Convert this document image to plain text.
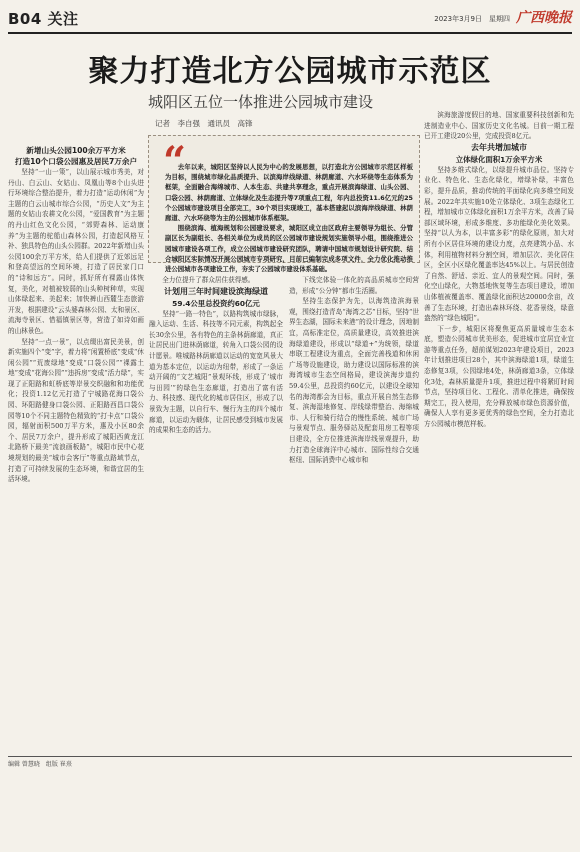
B04 关注	2023年3月9日　星期四 广西晚报
聚力打造北方公园城市示范区
城阳区五位一体推进公园城市建设
记者　李自强　通讯员　高锋
“

去年以来，城阳区坚持以人民为中心的发展思想，以打造北方公园城市示范区样板为目标，围绕城市绿化品质提升、以滨海岸线绿道、林荫廊道、六水环绕等生态体系为框架，全面融合海绵城市、人本生态、共建共享理念，重点开展滨海绿道、山头公园、口袋公园、林荫廊道、立体绿化及生态提升等7项重点工程，年内总投资11.6亿元的25个公园城市建设项目全部完工，30个项目实现竣工，基本搭建起以滨海岸线绿道、林荫廊道、六水环绕等为主的公园城市体系框架。

围绕滨海、植海规划和公园建设要求，城阳区成立由区政府主要领导为组长、分管副区长为副组长、各相关单位为成员的区公园城市建设规划实施领导小组，围绕推进公园城市建设各项工作，成立公园城市建设研究团队，聘请中国城市规划设计研究院、结合城阳区实际情况开展公园城市专项研究，目前已编制完成多项文件，全力优化推动推进公园城市各项建设工作，夯实了公园城市建设体系基础。

新增山头公园100余万平方米
打造10个口袋公园惠及居民7万余户

坚持“一山一策”，以山展示城市秀美，对丹山、白云山、女姑山、凤凰山等8个山头进行环境综合整治提升，着力打造“运动休闲”为主题的白云山城市综合公园，“历史人文”为主题的女姑山农耕文化公园，“爱国教育”为主题的丹山红色文化公园，“郊野森林、运动康养”为主题的驼船山森林公园，打造起风格互补、独具特色的山头公园群。2022年新增山头公园100余万平方米，给人们提供了近郊远足和登高望远的空间环境，打造了居民家门口的“诗和远方”。同时，抓好所有裸露山体恢复，美化，对植被较弱的山头种树种草，实现山体绿起来、美起来；加快裤山西麓生态旅游开发，根据建设“云头婆森林公园、太和景区、流海寺景区、惜福镇景区等，营造了如诗如画的山林景色。

坚持“一点一景”，以点缀出富民美景，创新实施四个“变”字，着力将“闲置桥底”变成“休闲公园”“荒废绿地”变成“口袋公园”“裸露土地”变成“花海公园”“违拆房”变成“活力绿”，实现了正阳路和虹桥底等岸景交织融和和功能优化；投资1.12亿元打造了宁城路花海口袋公园、环阳路健身口袋公园、正阳路西昌口袋公园等10个不同主题特色精致的“打卡点”口袋公园，辐射面积500万平方米，惠及小区80余个、居民7万余户，提升形成了城阳西黄龙江北路桥下最美“流浪画板路”，城阳市民中心花境规划的最美“城市会客厅”等重点路域节点，打造了可持续发展的生态环境，和谐宜居的生活环境。

全力位提升了群众居住获得感。

计划用三年时间建设滨海绿道

59.4公里总投资约60亿元

坚持“一路一特色”，以路构筑城市绿脉，融入运动、生活、科技等不同元素，构筑起全长30余公里，各有特色的主条林荫廊道，真正让居民出门进林荫廊道，转角入口袋公园的设计愿景。唯城路林荫廊道以运动的宽宽风景大道为基本定位，以运动为纽带，形成了一条运动开阔的“文艺城阳”景观环线，形成了‘城市与田园’”的绿色生态廊道，打造出了富有活力、科技感、现代化的城市居住区，形成了以景致为主题，以自行车、慢行为主的四个城市廊道，以运动为载体，让居民感受到城市发展的成果和生态的活力。

下线完体验一体化的高品质城市空间营造，形成“公分钟”都市生活圈。

坚持生态保护为先，以海筑造滨海景观，围绕打造青岛“海湾之芯”目标，坚持“世界生态湖，国际未来港”的设计理念，因地制宜，高标准定位，高质量建设，高效推进滨海绿道建设，形成以“绿道+”为统领，绿道串联工程建设为重点，全面完善栈道和休闲广场等设施建设，助力建设以国际标准的滨海湾城市生态空间格局，建设滨海步道约59.4公里，总投资约60亿元，以建设全球知名的海湾都会为目标，重点开展自然生态修复、滨海湿地修复、岸线绿带整治、海绵城市、人行和骑行结合的慢性系统、城市广场与景观节点、服务驿站及配套用房工程等项目建设，全方位推进滨海岸线景观提升，助力打造全球海洋中心城市、国际性综合交通枢纽、国际消费中心城市和

滨海旅游度假目的地、国家重要科技创新和先进制造业中心、国家历史文化名城。目前一期工程已开工建设20公里，完成投资8亿元。

去年共增加城市

立体绿化面积1万余平方米

坚持多维式绿化，以绿提升城市品位。坚持专业化、特色化、生态化绿化，增绿补绿，丰富色彩，提升品质，推动传统的平面绿化向多维空间发展。2022年共实施10处立体绿化、3项生态绿化工程，增加城市立体绿化面积1万余平方米，改善了局部区域环境，形成多维度、多功能绿化美化效果。坚持“以人为本，以丰富多彩”的绿化原则，加大对所有小区居住环境的建设力度，点亮建筑小品、水体，利用植物材料分割空间，增加层次、美化居住区，全区小区绿化覆盖率达45%以上。与居民创造了自然、舒适、亲近、宜人的景观空间。同时，强化空山绿化，大物基地恢复等生态项目建设，增加山体植被覆盖率、覆盖绿化面积达20000余亩，改善了生态环境，打造出森林环绕、花香景绕，绿意盎然的“绿色城阳”。

下一步，城阳区将聚焦更高质量城市生态本底，塑造公园城市优美形态，促进城市宜居宜业宜游等重点任务，超前谋划2023年建设项目，2023年计划推进项目28个，其中滨海绿道1项，绿道生态修复3项，公园绿地4处，林荫廊道3条，立体绿化3处，森林质量提升1项，推进过程中将紧盯时间节点，坚持项目化、工程化、清单化推进，确保按期完工，投入使用，充分释放城市绿色资源价值，确保人人享有更多更优秀的绿色空间，全力打造北方公园城市模范样板。

编辑 曾慧晓　组版 崔熹
